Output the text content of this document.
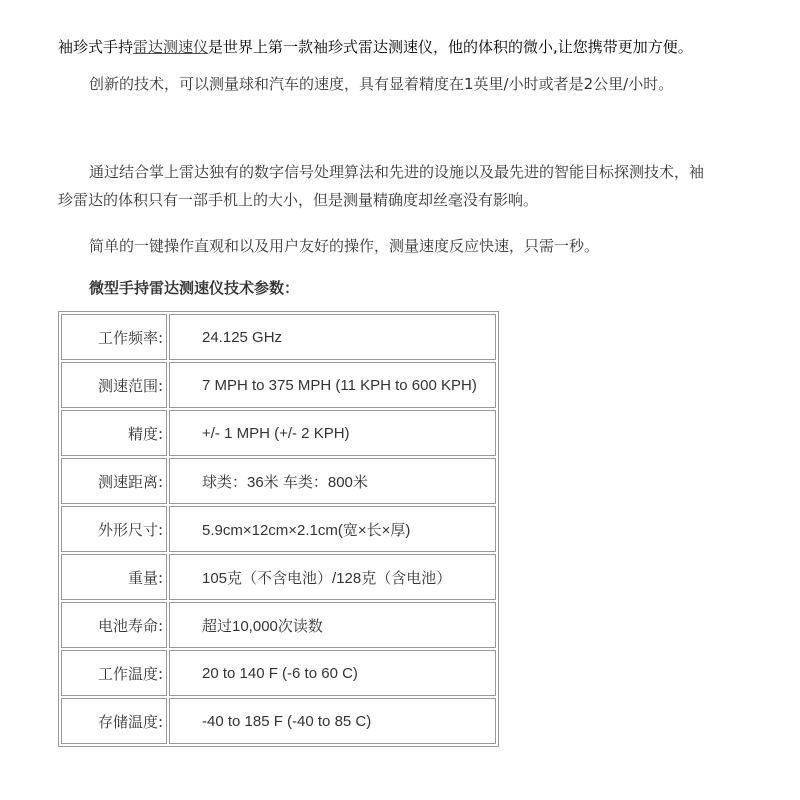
袖珍式手持雷达测速仪是世界上第一款袖珍式雷达测速仪，他的体积的微小,让您携带更加方便。
创新的技术，可以测量球和汽车的速度，具有显着精度在1英里/小时或者是2公里/小时。
通过结合掌上雷达独有的数字信号处理算法和先进的设施以及最先进的智能目标探测技术，袖
珍雷达的体积只有一部手机上的大小，但是测量精确度却丝毫没有影响。
简单的一键操作直观和以及用户友好的操作，测量速度反应快速，只需一秒。
微型手持雷达测速仪技术参数：
工作频率:	24.125 GHz
测速范围:	7 MPH to 375 MPH (11 KPH to 600 KPH)
精度:	+/- 1 MPH (+/- 2 KPH)
测速距离:	球类：36米 车类：800米
外形尺寸:	5.9cm×12cm×2.1cm(宽×长×厚)
重量:	105克（不含电池）/128克（含电池）
电池寿命:	超过10,000次读数
工作温度:	20 to 140 F (-6 to 60 C)
存储温度:	-40 to 185 F (-40 to 85 C)
